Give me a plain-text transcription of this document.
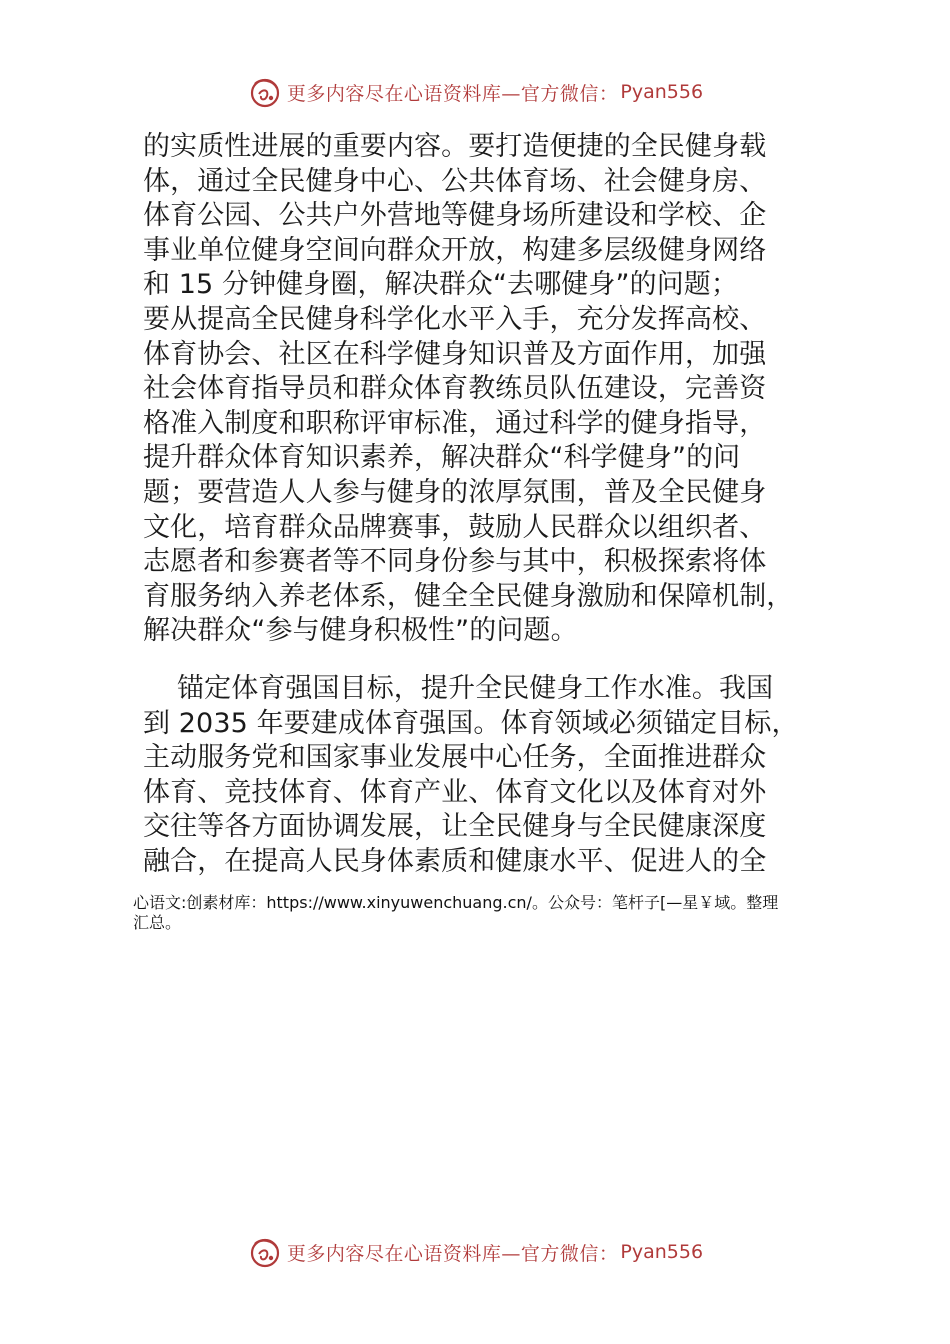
更多内容尽在心语资料库—官方微信： Pyan556
的实质性进展的重要内容。要打造便捷的全民健身载
体，通过全民健身中心、公共体育场、社会健身房、
体育公园、公共户外营地等健身场所建设和学校、企
事业单位健身空间向群众开放，构建多层级健身网络
和 15 分钟健身圈，解决群众“去哪健身”的问题；
要从提高全民健身科学化水平入手，充分发挥高校、
体育协会、社区在科学健身知识普及方面作用，加强
社会体育指导员和群众体育教练员队伍建设，完善资
格准入制度和职称评审标准，通过科学的健身指导，
提升群众体育知识素养，解决群众“科学健身”的问
题；要营造人人参与健身的浓厚氛围，普及全民健身
文化，培育群众品牌赛事，鼓励人民群众以组织者、
志愿者和参赛者等不同身份参与其中，积极探索将体
育服务纳入养老体系，健全全民健身激励和保障机制，
解决群众“参与健身积极性”的问题。
锚定体育强国目标，提升全民健身工作水准。我国
到 2035 年要建成体育强国。体育领域必须锚定目标，
主动服务党和国家事业发展中心任务，全面推进群众
体育、竞技体育、体育产业、体育文化以及体育对外
交往等各方面协调发展，让全民健身与全民健康深度
融合，在提高人民身体素质和健康水平、促进人的全
心语文:创素材库：https://www.xinyuwenchuang.cn/。公众号：笔杆子[—星￥域。整理
汇总。
更多内容尽在心语资料库—官方微信： Pyan556
